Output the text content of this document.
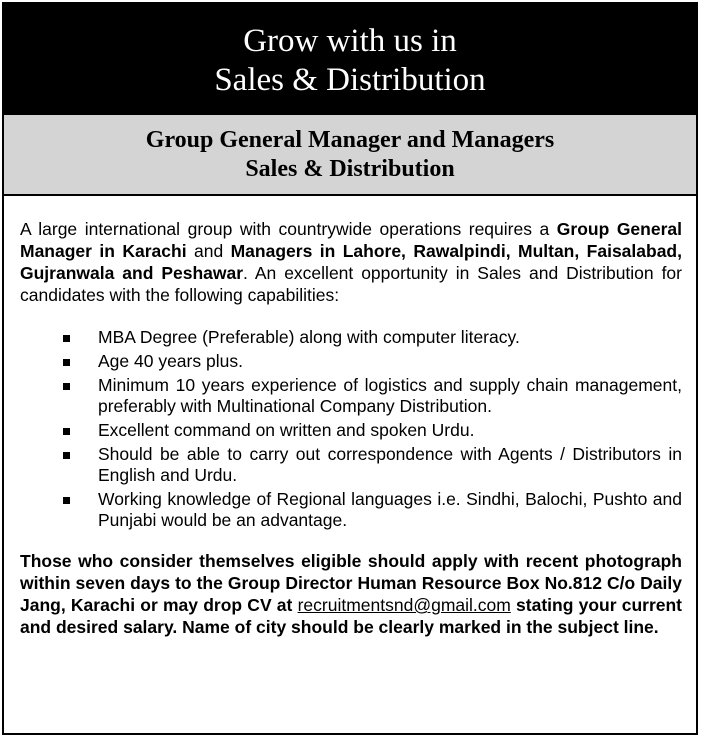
Grow with us in
Sales & Distribution
Group General Manager and Managers
Sales & Distribution

A large international group with countrywide operations requires a Group General Manager in Karachi and Managers in Lahore, Rawalpindi, Multan, Faisalabad, Gujranwala and Peshawar. An excellent opportunity in Sales and Distribution for candidates with the following capabilities:

MBA Degree (Preferable) along with computer literacy.
Age 40 years plus.
Minimum 10 years experience of logistics and supply chain management, preferably with Multinational Company Distribution.
Excellent command on written and spoken Urdu.
Should be able to carry out correspondence with Agents / Distributors in English and Urdu.
Working knowledge of Regional languages i.e. Sindhi, Balochi, Pushto and Punjabi would be an advantage.
Those who consider themselves eligible should apply with recent photograph within seven days to the Group Director Human Resource Box No.812 C/o Daily Jang, Karachi or may drop CV at recruitmentsnd@gmail.com stating your current and desired salary. Name of city should be clearly marked in the subject line.
